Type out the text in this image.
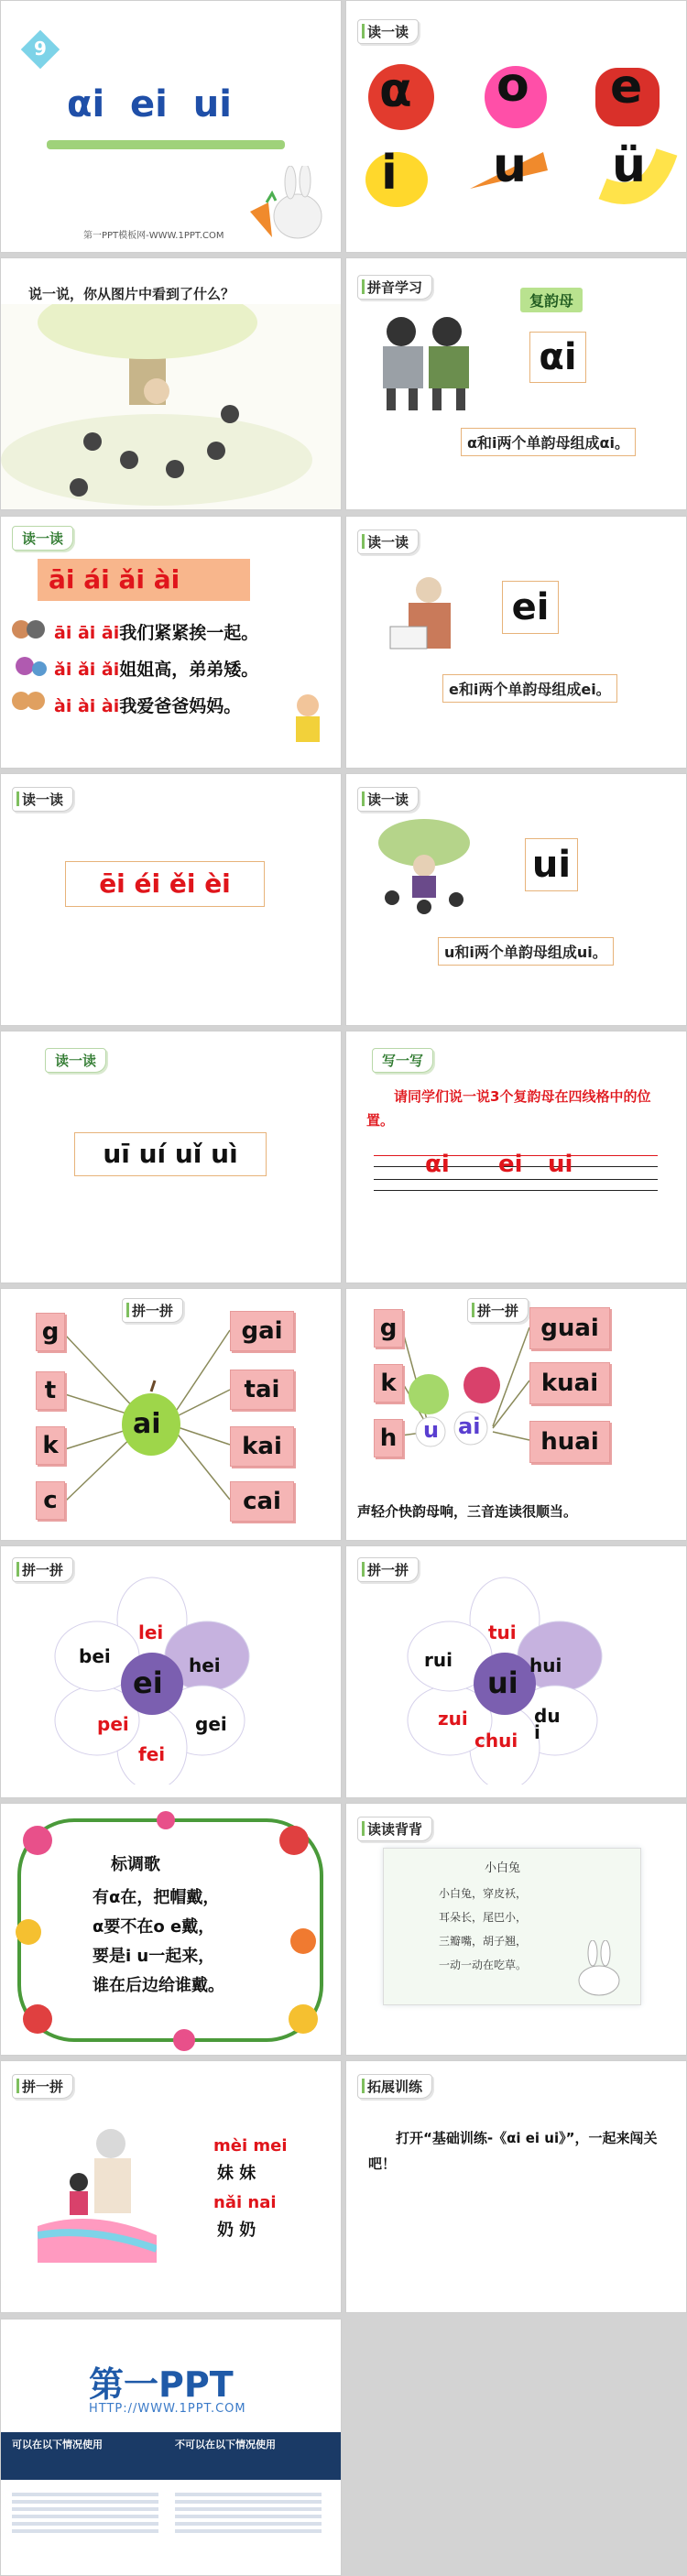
9
αi  ei  ui
第一PPT模板网-WWW.1PPT.COM
读一读
α o e
i u ü
说一说，你从图片中看到了什么？	拼音学习
复韵母
αi
α和i两个单韵母组成αi。
读一读
āi ái ǎi ài
āi āi āi我们紧紧挨一起。
ǎi ǎi ǎi姐姐高，弟弟矮。
ài ài ài我爱爸爸妈妈。
读一读
ei
e和i两个单韵母组成ei。
读一读
ēi éi ěi èi
读一读
ui
u和i两个单韵母组成ui。
读一读
uī uí uǐ uì
写一写
请同学们说一说3个复韵母在四线格中的位置。
αi ei ui
拼一拼
g
t
k
c
ai
gai
tai
kai
cai
拼一拼
g
k
h u ai
guai
kuai
huai
声轻介快韵母响，三音连读很顺当。
拼一拼
ei
lei
hei
gei
fei
pei
bei
拼一拼
ui
tui
hui
du
i
chui
zui
rui
标调歌
有α在，把帽戴，
α要不在o e戴，
要是i u一起来，
谁在后边给谁戴。
读读背背
小白兔
小白兔，穿皮袄，
耳朵长，尾巴小，
三瓣嘴，胡子翘，
一动一动在吃草。
拼一拼
mèi mei
妹 妹
nǎi nai
奶 奶
拓展训练
打开“基础训练-《αi ei ui》”，一起来闯关吧！
第一PPT
HTTP://WWW.1PPT.COM
可以在以下情况使用	不可以在以下情况使用
